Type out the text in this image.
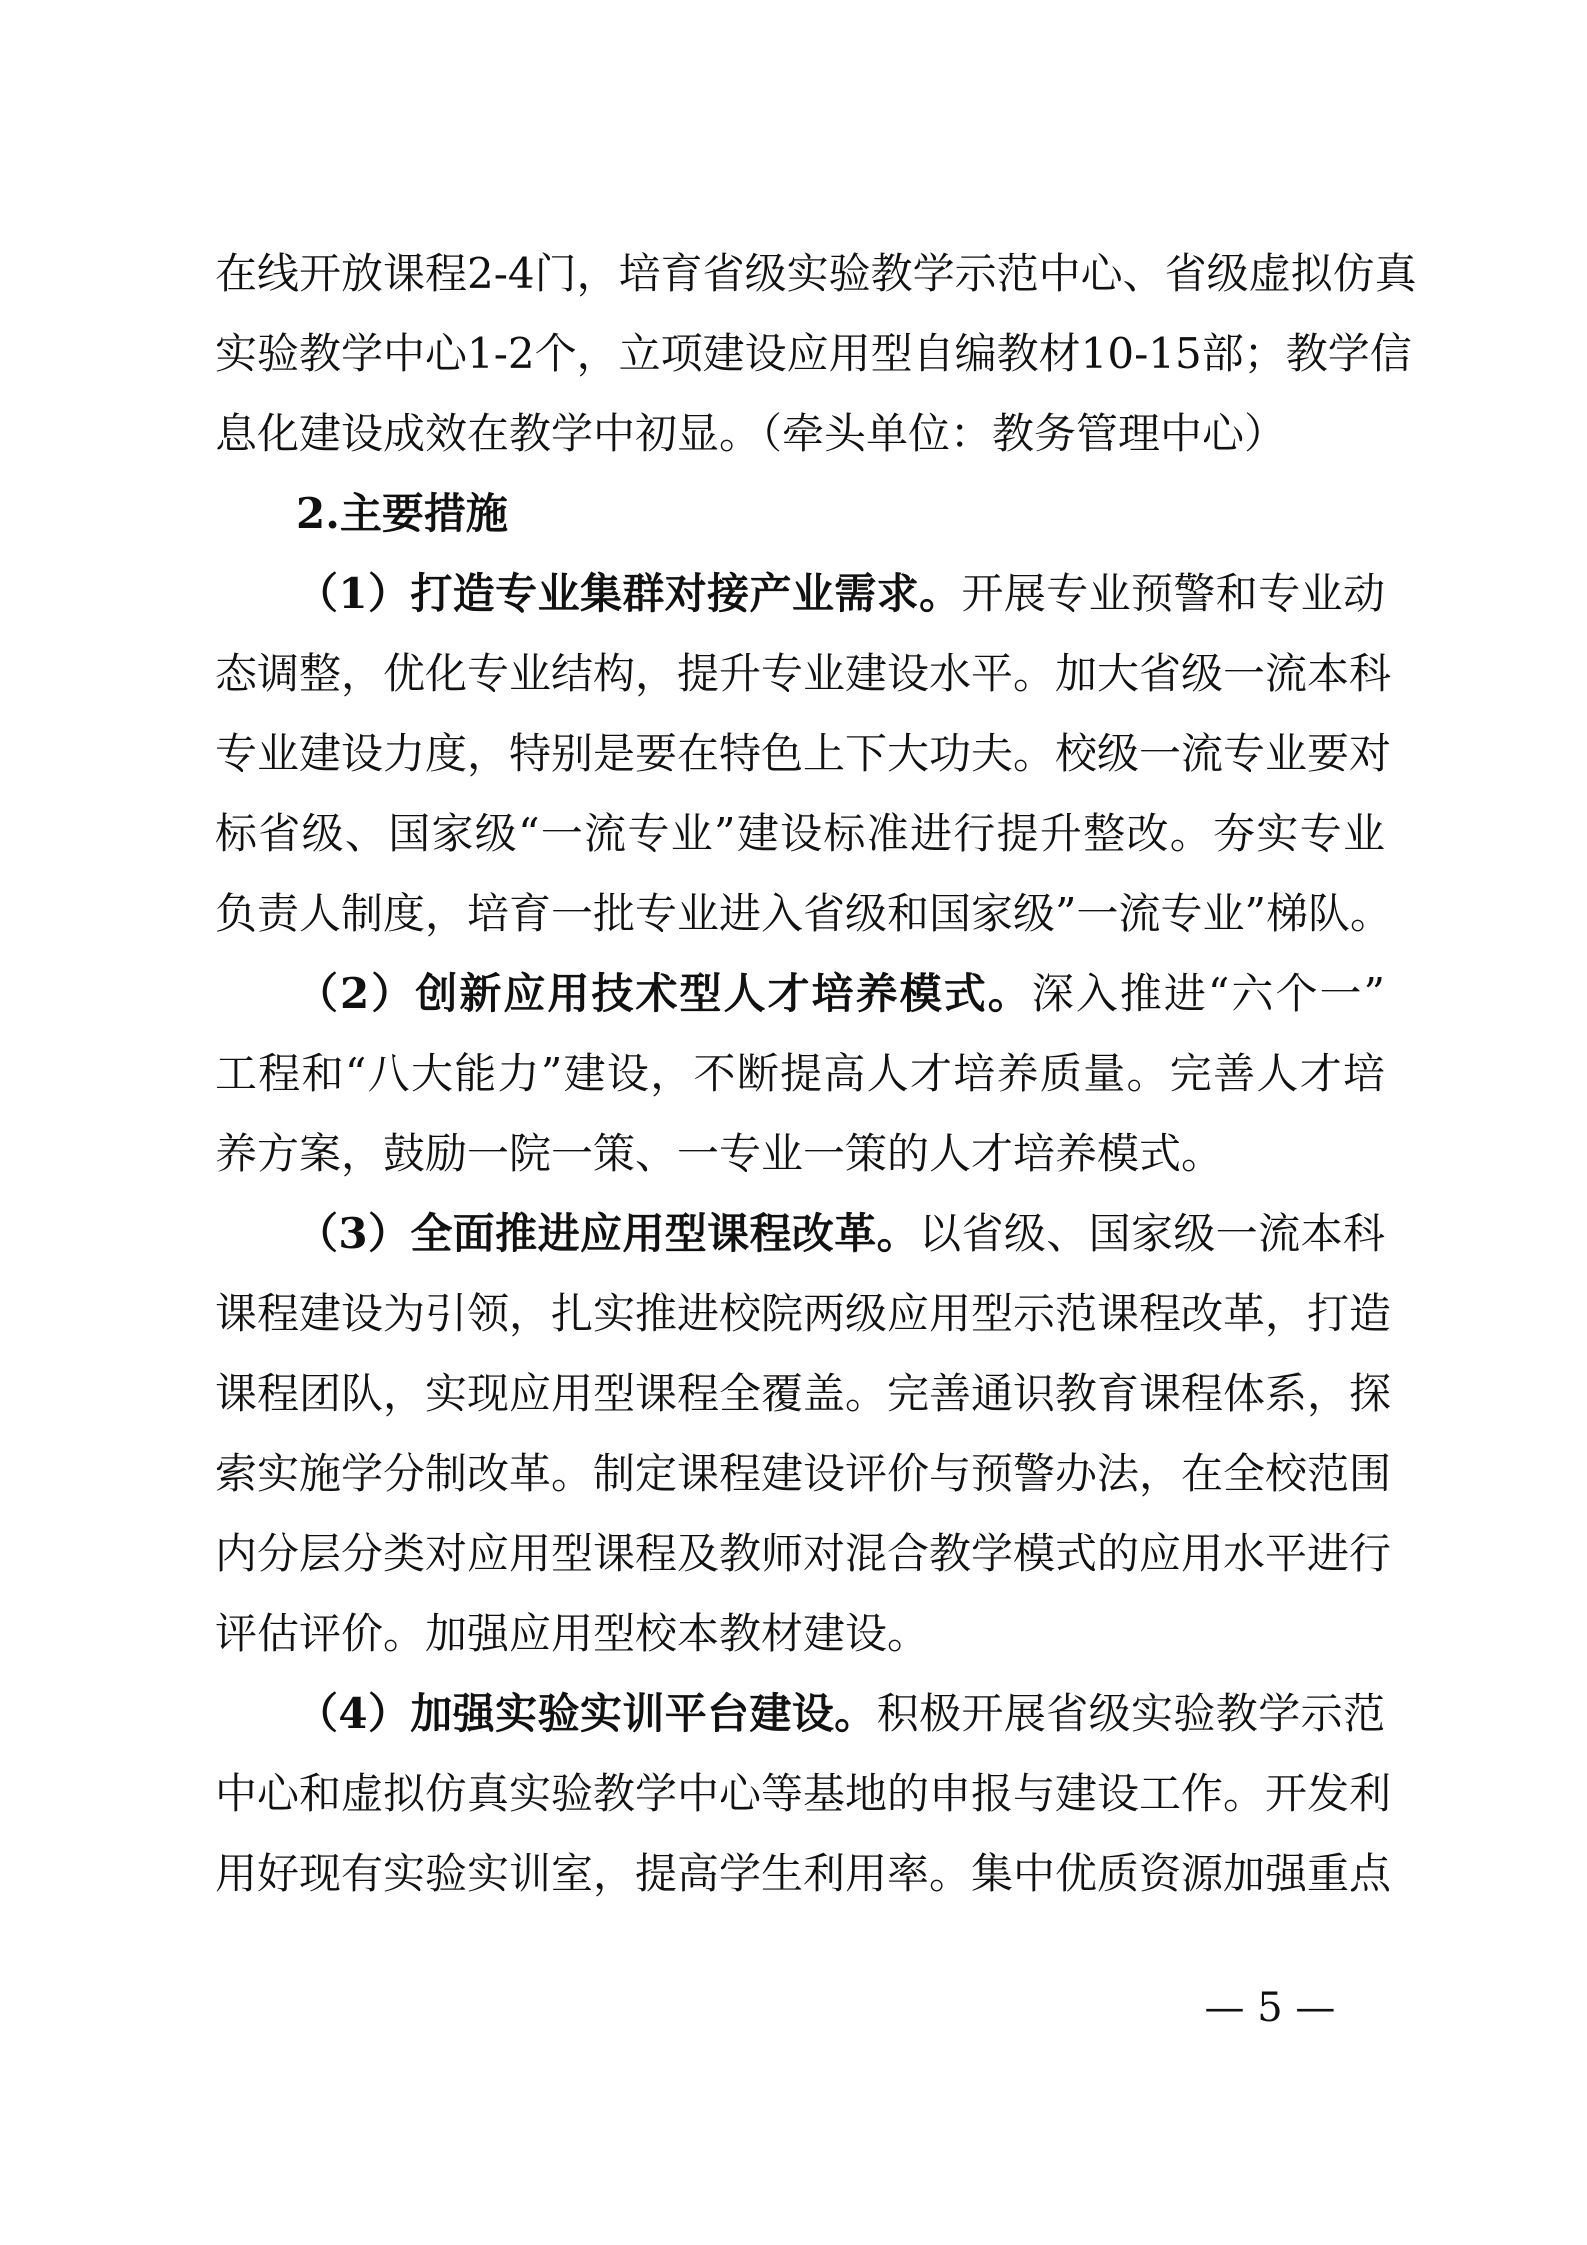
在线开放课程2-4门，培育省级实验教学示范中心、省级虚拟仿真
实验教学中心1-2个，立项建设应用型自编教材10-15部；教学信
息化建设成效在教学中初显。（牵头单位：教务管理中心）
2.主要措施
（1）打造专业集群对接产业需求。开展专业预警和专业动
态调整，优化专业结构，提升专业建设水平。加大省级一流本科
专业建设力度，特别是要在特色上下大功夫。校级一流专业要对
标省级、国家级“一流专业”建设标准进行提升整改。夯实专业
负责人制度，培育一批专业进入省级和国家级”一流专业”梯队。
（2）创新应用技术型人才培养模式。深入推进“六个一”
工程和“八大能力”建设，不断提高人才培养质量。完善人才培
养方案，鼓励一院一策、一专业一策的人才培养模式。
（3）全面推进应用型课程改革。以省级、国家级一流本科
课程建设为引领，扎实推进校院两级应用型示范课程改革，打造
课程团队，实现应用型课程全覆盖。完善通识教育课程体系，探
索实施学分制改革。制定课程建设评价与预警办法，在全校范围
内分层分类对应用型课程及教师对混合教学模式的应用水平进行
评估评价。加强应用型校本教材建设。
（4）加强实验实训平台建设。积极开展省级实验教学示范
中心和虚拟仿真实验教学中心等基地的申报与建设工作。开发利
用好现有实验实训室，提高学生利用率。集中优质资源加强重点
— 5 —
